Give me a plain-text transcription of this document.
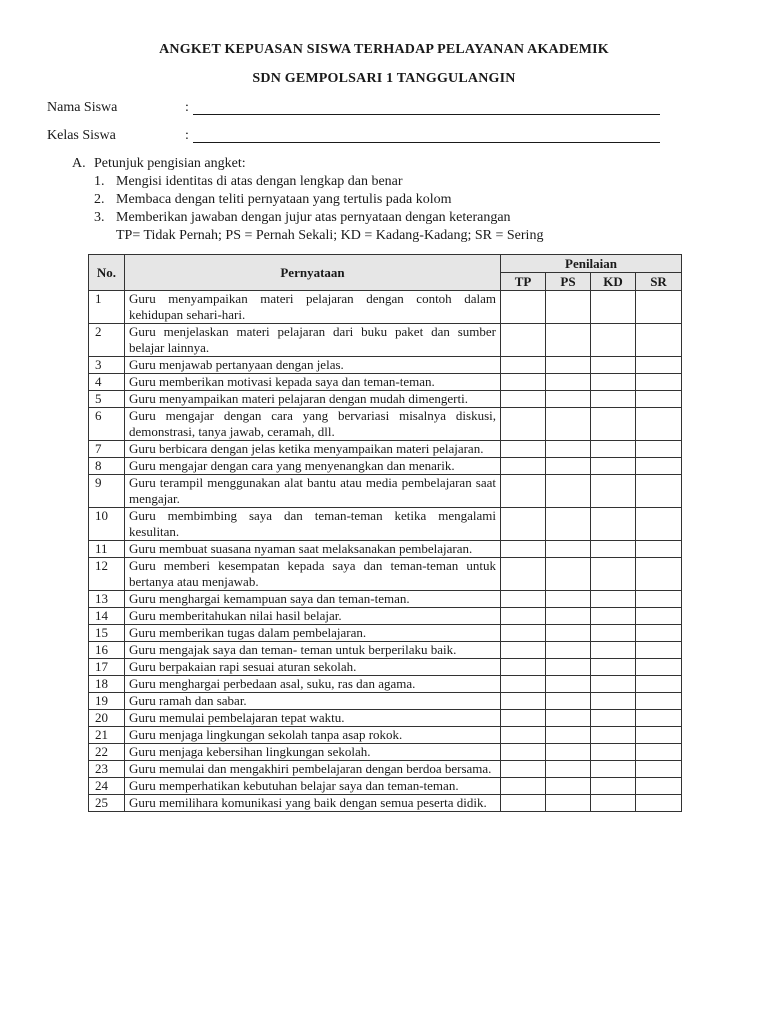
ANGKET KEPUASAN SISWA TERHADAP PELAYANAN AKADEMIK
SDN GEMPOLSARI 1 TANGGULANGIN
Nama Siswa	:
Kelas Siswa	:
A. Petunjuk pengisian angket:
1. Mengisi identitas di atas dengan lengkap dan benar
2. Membaca dengan teliti pernyataan yang tertulis pada kolom
3. Memberikan jawaban dengan jujur atas pernyataan dengan keterangan
TP= Tidak Pernah; PS = Pernah Sekali; KD = Kadang-Kadang; SR = Sering
No.	Pernyataan	Penilaian			
		TP	PS	KD	SR
1	Guru menyampaikan materi pelajaran dengan contoh dalam kehidupan sehari-hari.				
2	Guru menjelaskan materi pelajaran dari buku paket dan sumber belajar lainnya.				
3	Guru menjawab pertanyaan dengan jelas.				
4	Guru memberikan motivasi kepada saya dan teman-teman.				
5	Guru menyampaikan materi pelajaran dengan mudah dimengerti.				
6	Guru mengajar dengan cara yang bervariasi misalnya diskusi, demonstrasi, tanya jawab, ceramah, dll.				
7	Guru berbicara dengan jelas ketika menyampaikan materi pelajaran.				
8	Guru mengajar dengan cara yang menyenangkan dan menarik.				
9	Guru terampil menggunakan alat bantu atau media pembelajaran saat mengajar.				
10	Guru membimbing saya dan teman-teman ketika mengalami kesulitan.				
11	Guru membuat suasana nyaman saat melaksanakan pembelajaran.				
12	Guru memberi kesempatan kepada saya dan teman-teman untuk bertanya atau menjawab.				
13	Guru menghargai kemampuan saya dan teman-teman.				
14	Guru memberitahukan nilai hasil belajar.				
15	Guru memberikan tugas dalam pembelajaran.				
16	Guru mengajak saya dan teman- teman untuk berperilaku baik.				
17	Guru berpakaian rapi sesuai aturan sekolah.				
18	Guru menghargai perbedaan asal, suku, ras dan agama.				
19	Guru ramah dan sabar.				
20	Guru memulai pembelajaran tepat waktu.				
21	Guru menjaga lingkungan sekolah tanpa asap rokok.				
22	Guru menjaga kebersihan lingkungan sekolah.				
23	Guru memulai dan mengakhiri pembelajaran dengan berdoa bersama.				
24	Guru memperhatikan kebutuhan belajar saya dan teman-teman.				
25	Guru memilihara komunikasi yang baik dengan semua peserta didik.				
